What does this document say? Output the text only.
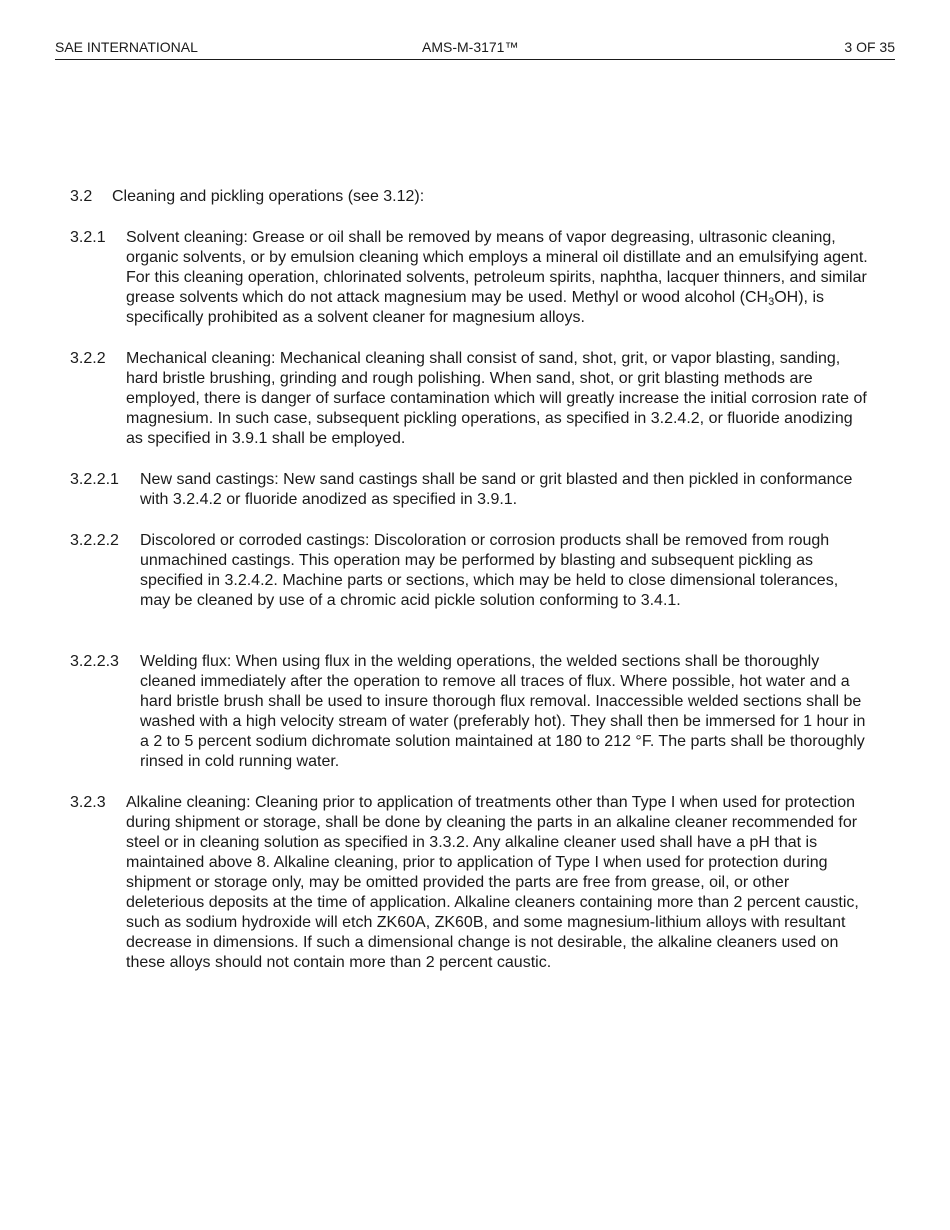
SAE INTERNATIONAL	AMS-M-3171™	3 OF 35
3.2 Cleaning and pickling operations (see 3.12):
3.2.1 Solvent cleaning: Grease or oil shall be removed by means of vapor degreasing, ultrasonic cleaning, organic solvents, or by emulsion cleaning which employs a mineral oil distillate and an emulsifying agent. For this cleaning operation, chlorinated solvents, petroleum spirits, naphtha, lacquer thinners, and similar grease solvents which do not attack magnesium may be used. Methyl or wood alcohol $(CH_3OH)$, is specifically prohibited as a solvent cleaner for magnesium alloys.
3.2.2 Mechanical cleaning: Mechanical cleaning shall consist of sand, shot, grit, or vapor blasting, sanding, hard bristle brushing, grinding and rough polishing. When sand, shot, or grit blasting methods are employed, there is danger of surface contamination which will greatly increase the initial corrosion rate of magnesium. In such case, subsequent pickling operations, as specified in 3.2.4.2, or fluoride anodizing as specified in 3.9.1 shall be employed.
3.2.2.1 New sand castings: New sand castings shall be sand or grit blasted and then pickled in conformance with 3.2.4.2 or fluoride anodized as specified in 3.9.1.
3.2.2.2 Discolored or corroded castings: Discoloration or corrosion products shall be removed from rough unmachined castings. This operation may be performed by blasting and subsequent pickling as specified in 3.2.4.2. Machine parts or sections, which may be held to close dimensional tolerances, may be cleaned by use of a chromic acid pickle solution conforming to 3.4.1.
3.2.2.3 Welding flux: When using flux in the welding operations, the welded sections shall be thoroughly cleaned immediately after the operation to remove all traces of flux. Where possible, hot water and a hard bristle brush shall be used to insure thorough flux removal. Inaccessible welded sections shall be washed with a high velocity stream of water (preferably hot). They shall then be immersed for 1 hour in a 2 to 5 percent sodium dichromate solution maintained at 180 to 212 °F. The parts shall be thoroughly rinsed in cold running water.
3.2.3 Alkaline cleaning: Cleaning prior to application of treatments other than Type I when used for protection during shipment or storage, shall be done by cleaning the parts in an alkaline cleaner recommended for steel or in cleaning solution as specified in 3.3.2. Any alkaline cleaner used shall have a pH that is maintained above 8. Alkaline cleaning, prior to application of Type I when used for protection during shipment or storage only, may be omitted provided the parts are free from grease, oil, or other deleterious deposits at the time of application. Alkaline cleaners containing more than 2 percent caustic, such as sodium hydroxide will etch ZK60A, ZK60B, and some magnesium-lithium alloys with resultant decrease in dimensions. If such a dimensional change is not desirable, the alkaline cleaners used on these alloys should not contain more than 2 percent caustic.
